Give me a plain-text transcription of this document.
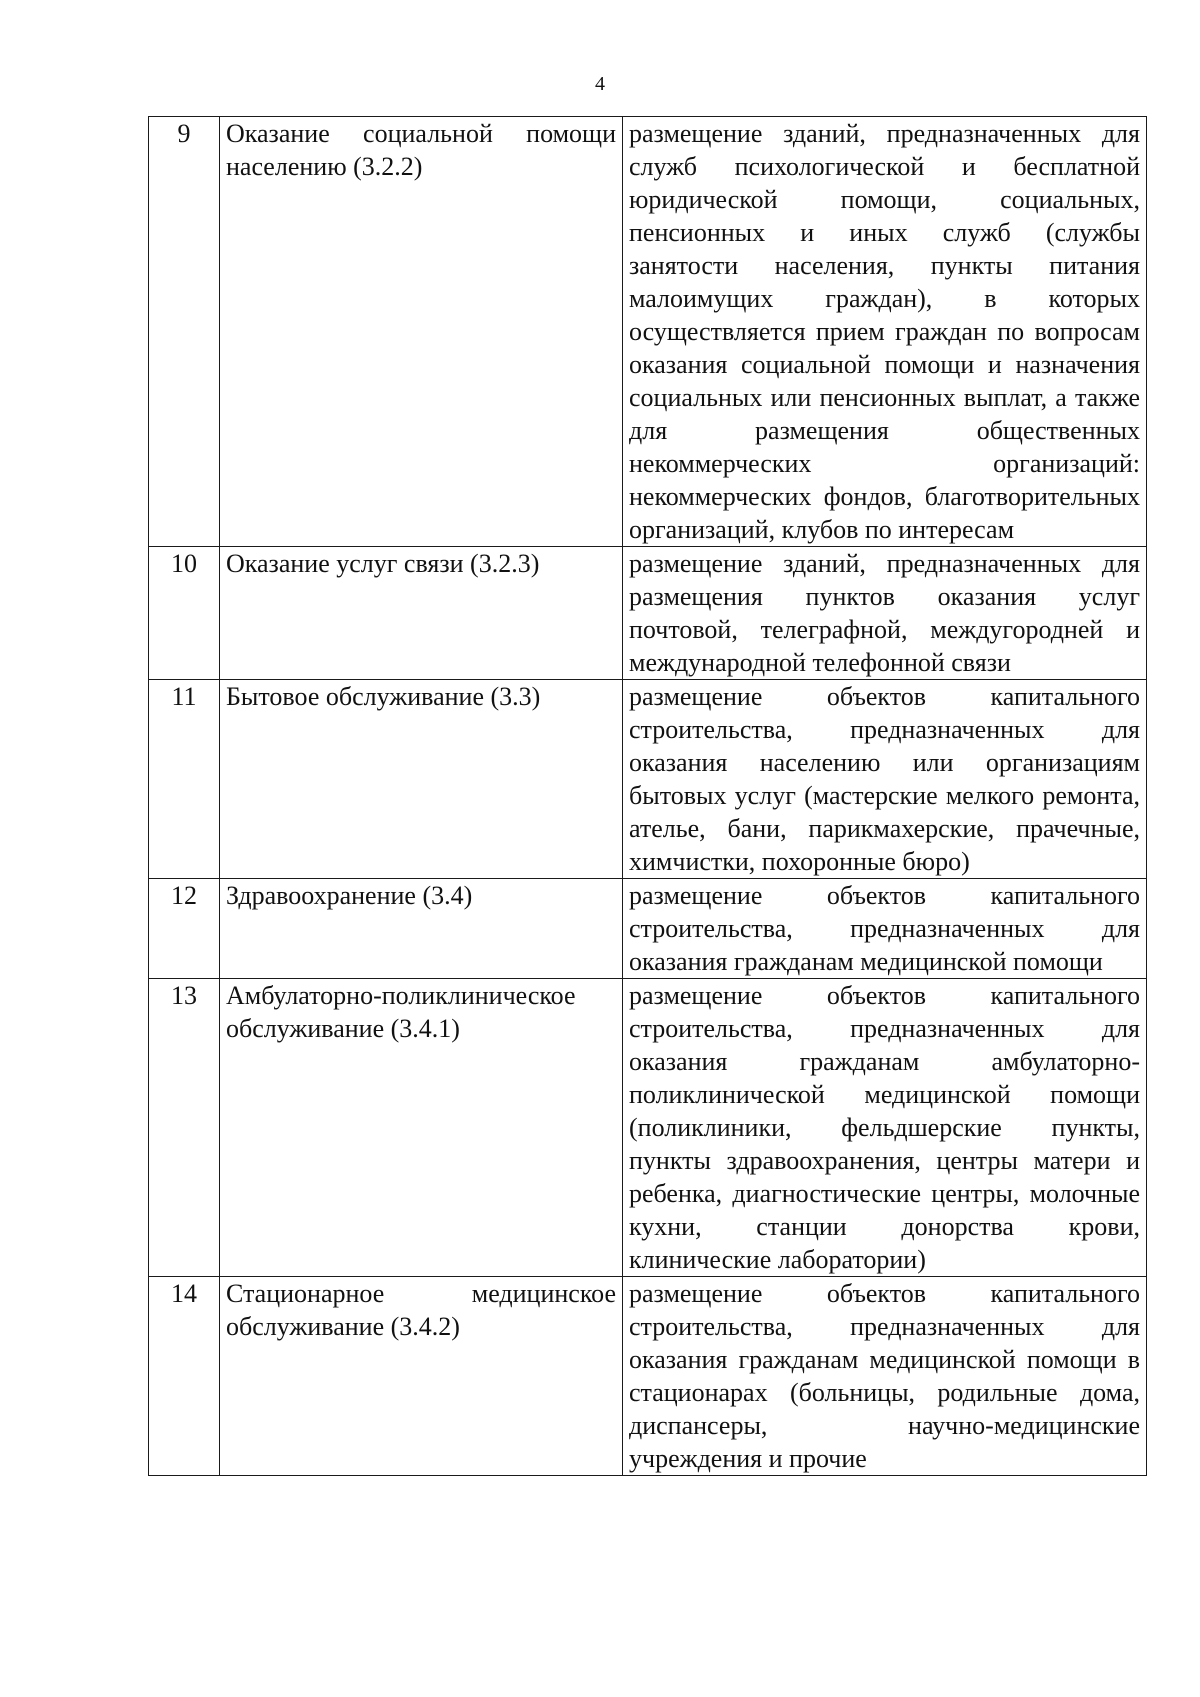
4
9	Оказание социальной помощи населению (3.2.2)	размещение зданий, предназначенных для служб психологической и бесплатной юридической помощи, социальных, пенсионных и иных служб (службы занятости населения, пункты питания малоимущих граждан), в которых осуществляется прием граждан по вопросам оказания социальной помощи и назначения социальных или пенсионных выплат, а также для размещения общественных некоммерческих организаций: некоммерческих фондов, благотворительных организаций, клубов по интересам
10	Оказание услуг связи (3.2.3)	размещение зданий, предназначенных для размещения пунктов оказания услуг почтовой, телеграфной, междугородней и международной телефонной связи
11	Бытовое обслуживание (3.3)	размещение объектов капитального строительства, предназначенных для оказания населению или организациям бытовых услуг (мастерские мелкого ремонта, ателье, бани, парикмахерские, прачечные, химчистки, похоронные бюро)
12	Здравоохранение (3.4)	размещение объектов капитального строительства, предназначенных для оказания гражданам медицинской помощи
13	Амбулаторно-поликлиническое обслуживание (3.4.1)	размещение объектов капитального строительства, предназначенных для оказания гражданам амбулаторно-поликлинической медицинской помощи (поликлиники, фельдшерские пункты, пункты здравоохранения, центры матери и ребенка, диагностические центры, молочные кухни, станции донорства крови, клинические лаборатории)
14	Стационарное медицинское обслуживание (3.4.2)	размещение объектов капитального строительства, предназначенных для оказания гражданам медицинской помощи в стационарах (больницы, родильные дома, диспансеры, научно-медицинские учреждения и прочие
